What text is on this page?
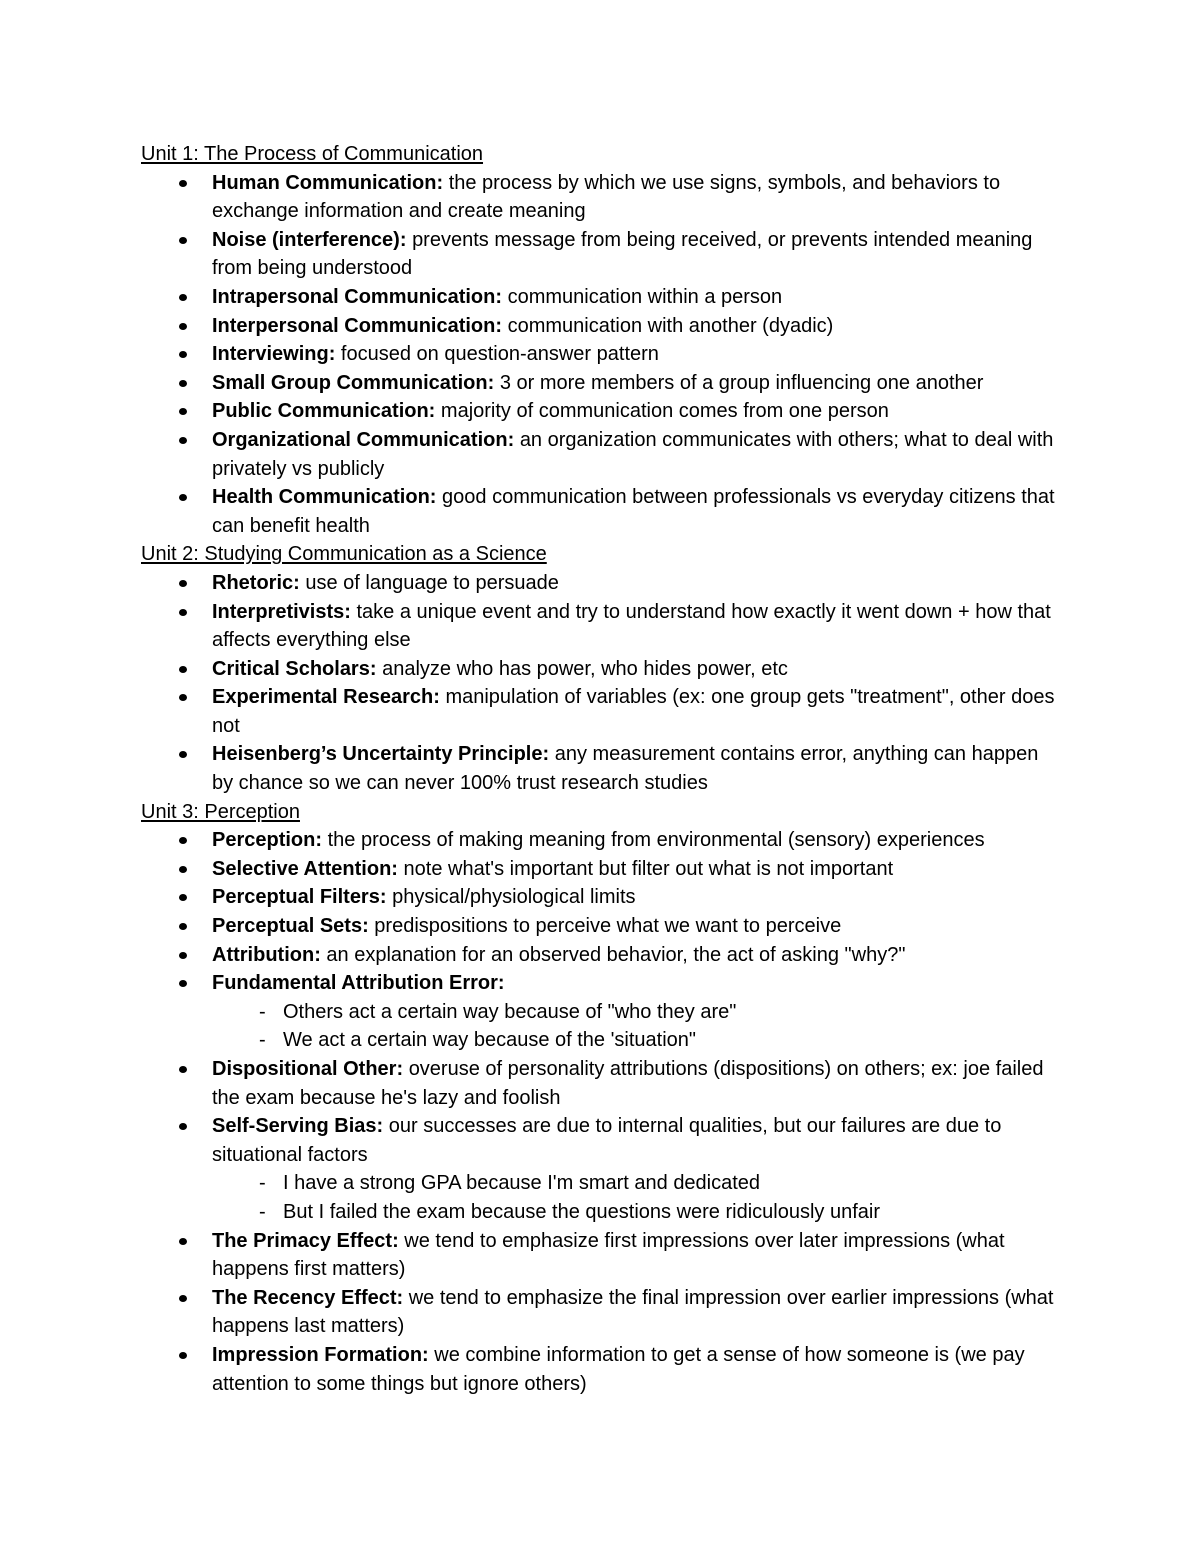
Unit 1: The Process of Communication
Human Communication: the process by which we use signs, symbols, and behaviors to exchange information and create meaning
Noise (interference): prevents message from being received, or prevents intended meaning from being understood
Intrapersonal Communication: communication within a person
Interpersonal Communication: communication with another (dyadic)
Interviewing: focused on question-answer pattern
Small Group Communication: 3 or more members of a group influencing one another
Public Communication: majority of communication comes from one person
Organizational Communication: an organization communicates with others; what to deal with privately vs publicly
Health Communication: good communication between professionals vs everyday citizens that can benefit health
Unit 2: Studying Communication as a Science
Rhetoric: use of language to persuade
Interpretivists: take a unique event and try to understand how exactly it went down + how that affects everything else
Critical Scholars: analyze who has power, who hides power, etc
Experimental Research: manipulation of variables (ex: one group gets "treatment", other does not
Heisenberg’s Uncertainty Principle: any measurement contains error, anything can happen by chance so we can never 100% trust research studies
Unit 3: Perception
Perception: the process of making meaning from environmental (sensory) experiences
Selective Attention: note what's important but filter out what is not important
Perceptual Filters: physical/physiological limits
Perceptual Sets: predispositions to perceive what we want to perceive
Attribution: an explanation for an observed behavior, the act of asking "why?"
Fundamental Attribution Error:
- Others act a certain way because of "who they are"
- We act a certain way because of the 'situation"
Dispositional Other: overuse of personality attributions (dispositions) on others; ex: joe failed the exam because he's lazy and foolish
Self-Serving Bias: our successes are due to internal qualities, but our failures are due to situational factors
- I have a strong GPA because I'm smart and dedicated
- But I failed the exam because the questions were ridiculously unfair
The Primacy Effect: we tend to emphasize first impressions over later impressions (what happens first matters)
The Recency Effect: we tend to emphasize the final impression over earlier impressions (what happens last matters)
Impression Formation: we combine information to get a sense of how someone is (we pay attention to some things but ignore others)
